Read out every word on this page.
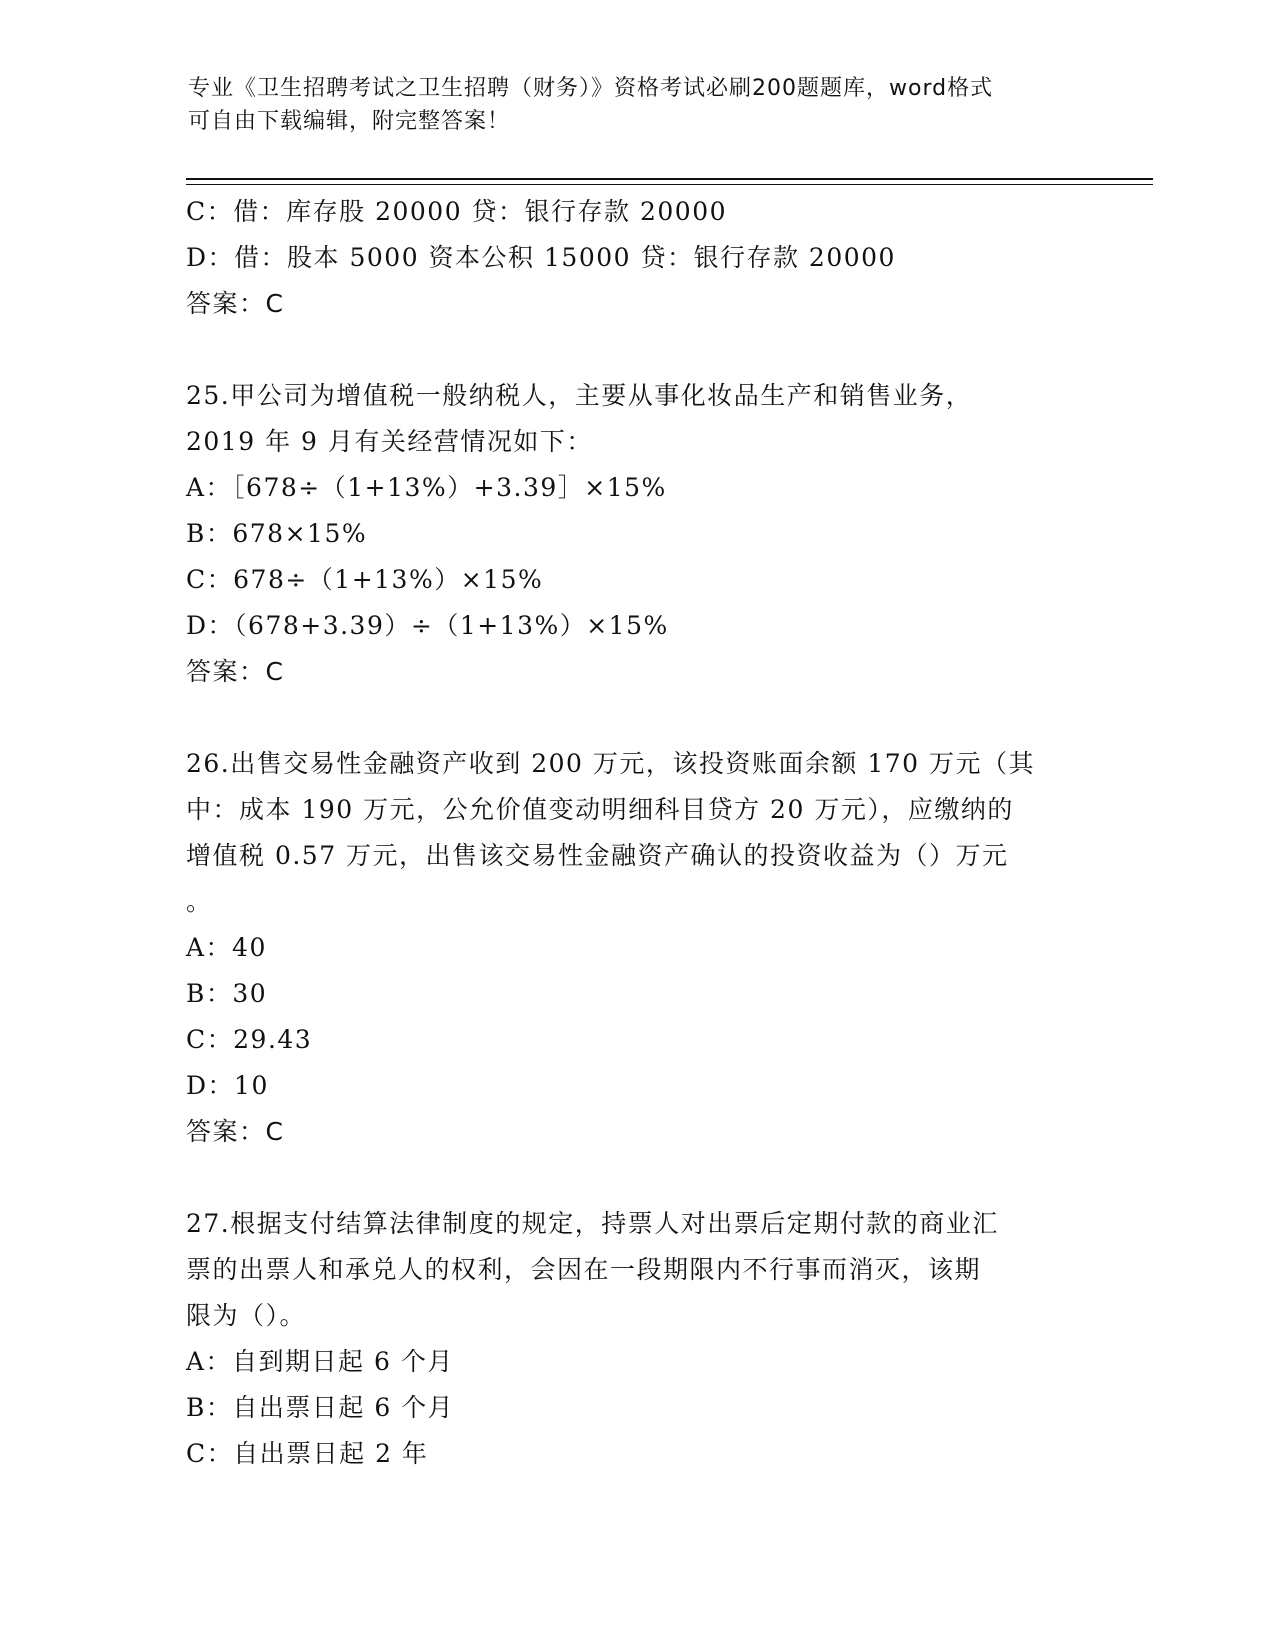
专业《卫生招聘考试之卫生招聘（财务）》资格考试必刷200题题库，word格式
可自由下载编辑，附完整答案！
C：借：库存股 20000 贷：银行存款 20000
D：借：股本 5000 资本公积 15000 贷：银行存款 20000
答案：C
25.甲公司为增值税一般纳税人，主要从事化妆品生产和销售业务，
2019 年 9 月有关经营情况如下：
A：［678÷（1+13%）+3.39］×15%
B：678×15%
C：678÷（1+13%）×15%
D：（678+3.39）÷（1+13%）×15%
答案：C
26.出售交易性金融资产收到 200 万元，该投资账面余额 170 万元（其
中：成本 190 万元，公允价值变动明细科目贷方 20 万元），应缴纳的
增值税 0.57 万元，出售该交易性金融资产确认的投资收益为（）万元
。
A：40
B：30
C：29.43
D：10
答案：C
27.根据支付结算法律制度的规定，持票人对出票后定期付款的商业汇
票的出票人和承兑人的权利，会因在一段期限内不行事而消灭，该期
限为（）。
A：自到期日起 6 个月
B：自出票日起 6 个月
C：自出票日起 2 年
